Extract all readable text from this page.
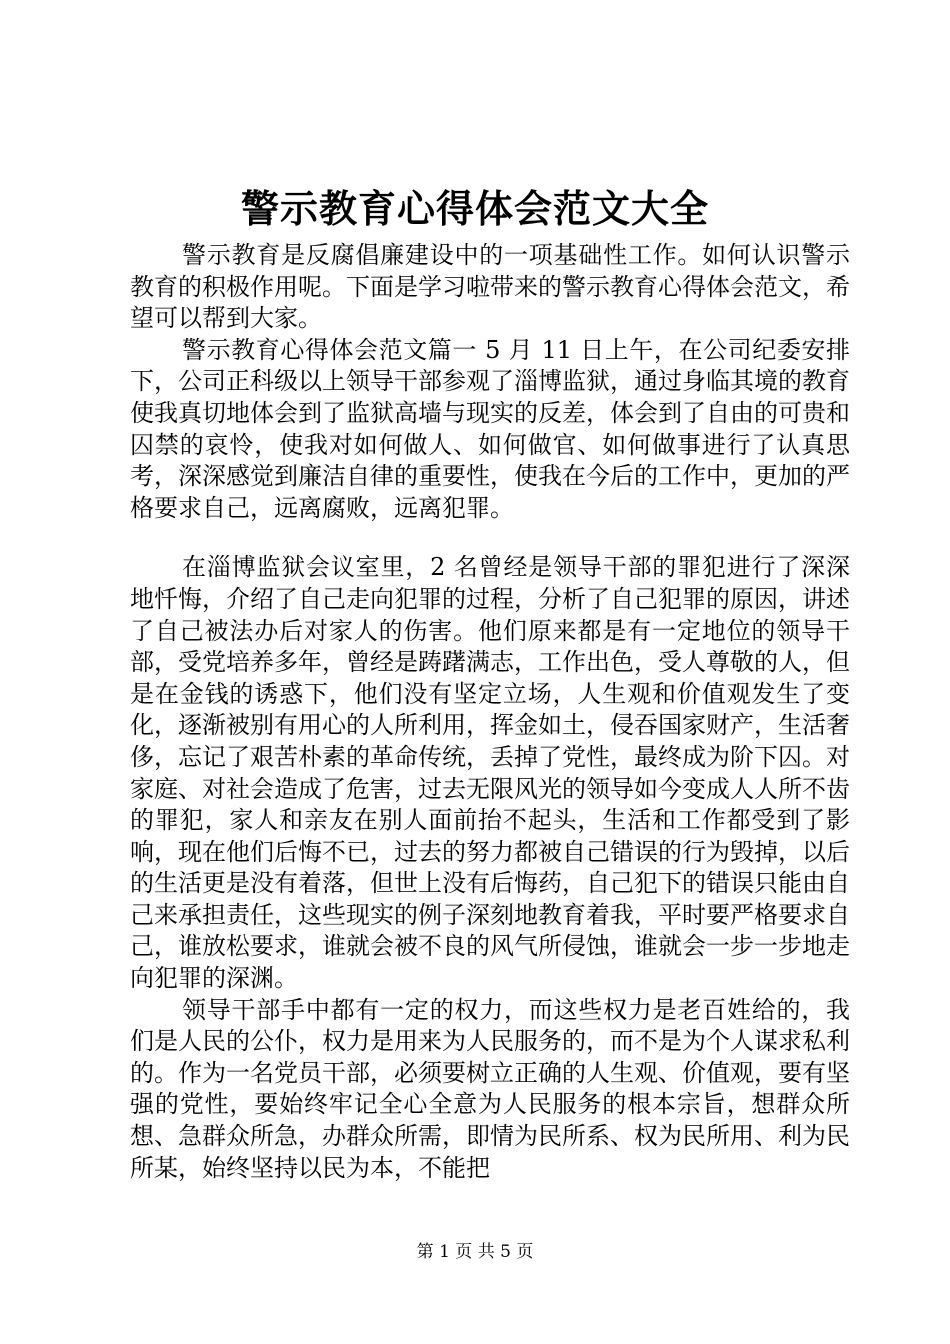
警示教育心得体会范文大全

警示教育是反腐倡廉建设中的一项基础性工作。如何认识警示教育的积极作用呢。下面是学习啦带来的警示教育心得体会范文，希望可以帮到大家。

警示教育心得体会范文篇一 5 月 11 日上午，在公司纪委安排下，公司正科级以上领导干部参观了淄博监狱，通过身临其境的教育使我真切地体会到了监狱高墙与现实的反差，体会到了自由的可贵和囚禁的哀怜，使我对如何做人、如何做官、如何做事进行了认真思考，深深感觉到廉洁自律的重要性，使我在今后的工作中，更加的严格要求自己，远离腐败，远离犯罪。

在淄博监狱会议室里，2 名曾经是领导干部的罪犯进行了深深地忏悔，介绍了自己走向犯罪的过程，分析了自己犯罪的原因，讲述了自己被法办后对家人的伤害。他们原来都是有一定地位的领导干部，受党培养多年，曾经是踌躇满志，工作出色，受人尊敬的人，但是在金钱的诱惑下，他们没有坚定立场，人生观和价值观发生了变化，逐渐被别有用心的人所利用，挥金如土，侵吞国家财产，生活奢侈，忘记了艰苦朴素的革命传统，丢掉了党性，最终成为阶下囚。对家庭、对社会造成了危害，过去无限风光的领导如今变成人人所不齿的罪犯，家人和亲友在别人面前抬不起头，生活和工作都受到了影响，现在他们后悔不已，过去的努力都被自己错误的行为毁掉，以后的生活更是没有着落，但世上没有后悔药，自己犯下的错误只能由自己来承担责任，这些现实的例子深刻地教育着我，平时要严格要求自己，谁放松要求，谁就会被不良的风气所侵蚀，谁就会一步一步地走向犯罪的深渊。

领导干部手中都有一定的权力，而这些权力是老百姓给的，我们是人民的公仆，权力是用来为人民服务的，而不是为个人谋求私利的。作为一名党员干部，必须要树立正确的人生观、价值观，要有坚强的党性，要始终牢记全心全意为人民服务的根本宗旨，想群众所想、急群众所急，办群众所需，即情为民所系、权为民所用、利为民所某，始终坚持以民为本，不能把

第 1 页 共 5 页
